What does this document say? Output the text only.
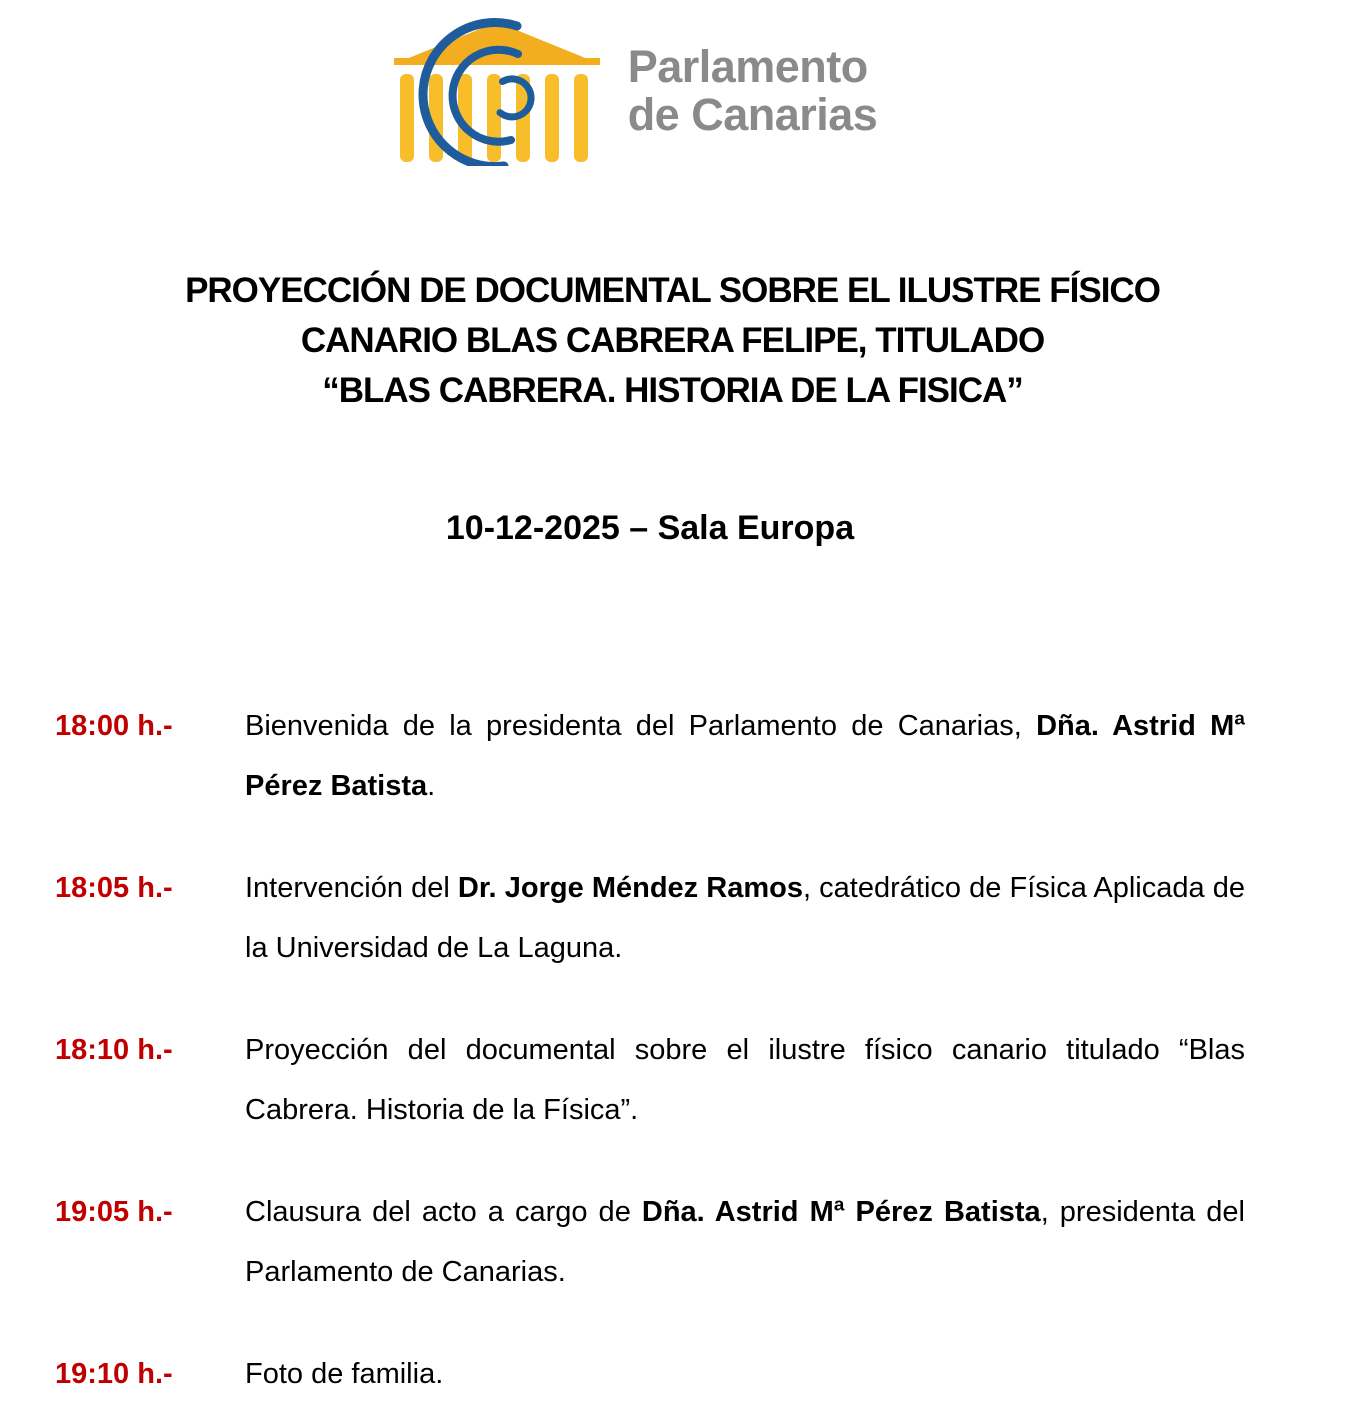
Parlamento
de Canarias
PROYECCIÓN DE DOCUMENTAL SOBRE EL ILUSTRE FÍSICO
CANARIO BLAS CABRERA FELIPE, TITULADO
“BLAS CABRERA. HISTORIA DE LA FISICA”
10-12-2025 – Sala Europa
18:00 h.-	Bienvenida de la presidenta del Parlamento de Canarias, Dña. Astrid Mª Pérez Batista.

18:05 h.-	Intervención del Dr. Jorge Méndez Ramos, catedrático de Física Aplicada de la Universidad de La Laguna.

18:10 h.-	Proyección del documental sobre el ilustre físico canario titulado “Blas Cabrera. Historia de la Física”.

19:05 h.-	Clausura del acto a cargo de Dña. Astrid Mª Pérez Batista, presidenta del Parlamento de Canarias.

19:10 h.-	Foto de familia.
